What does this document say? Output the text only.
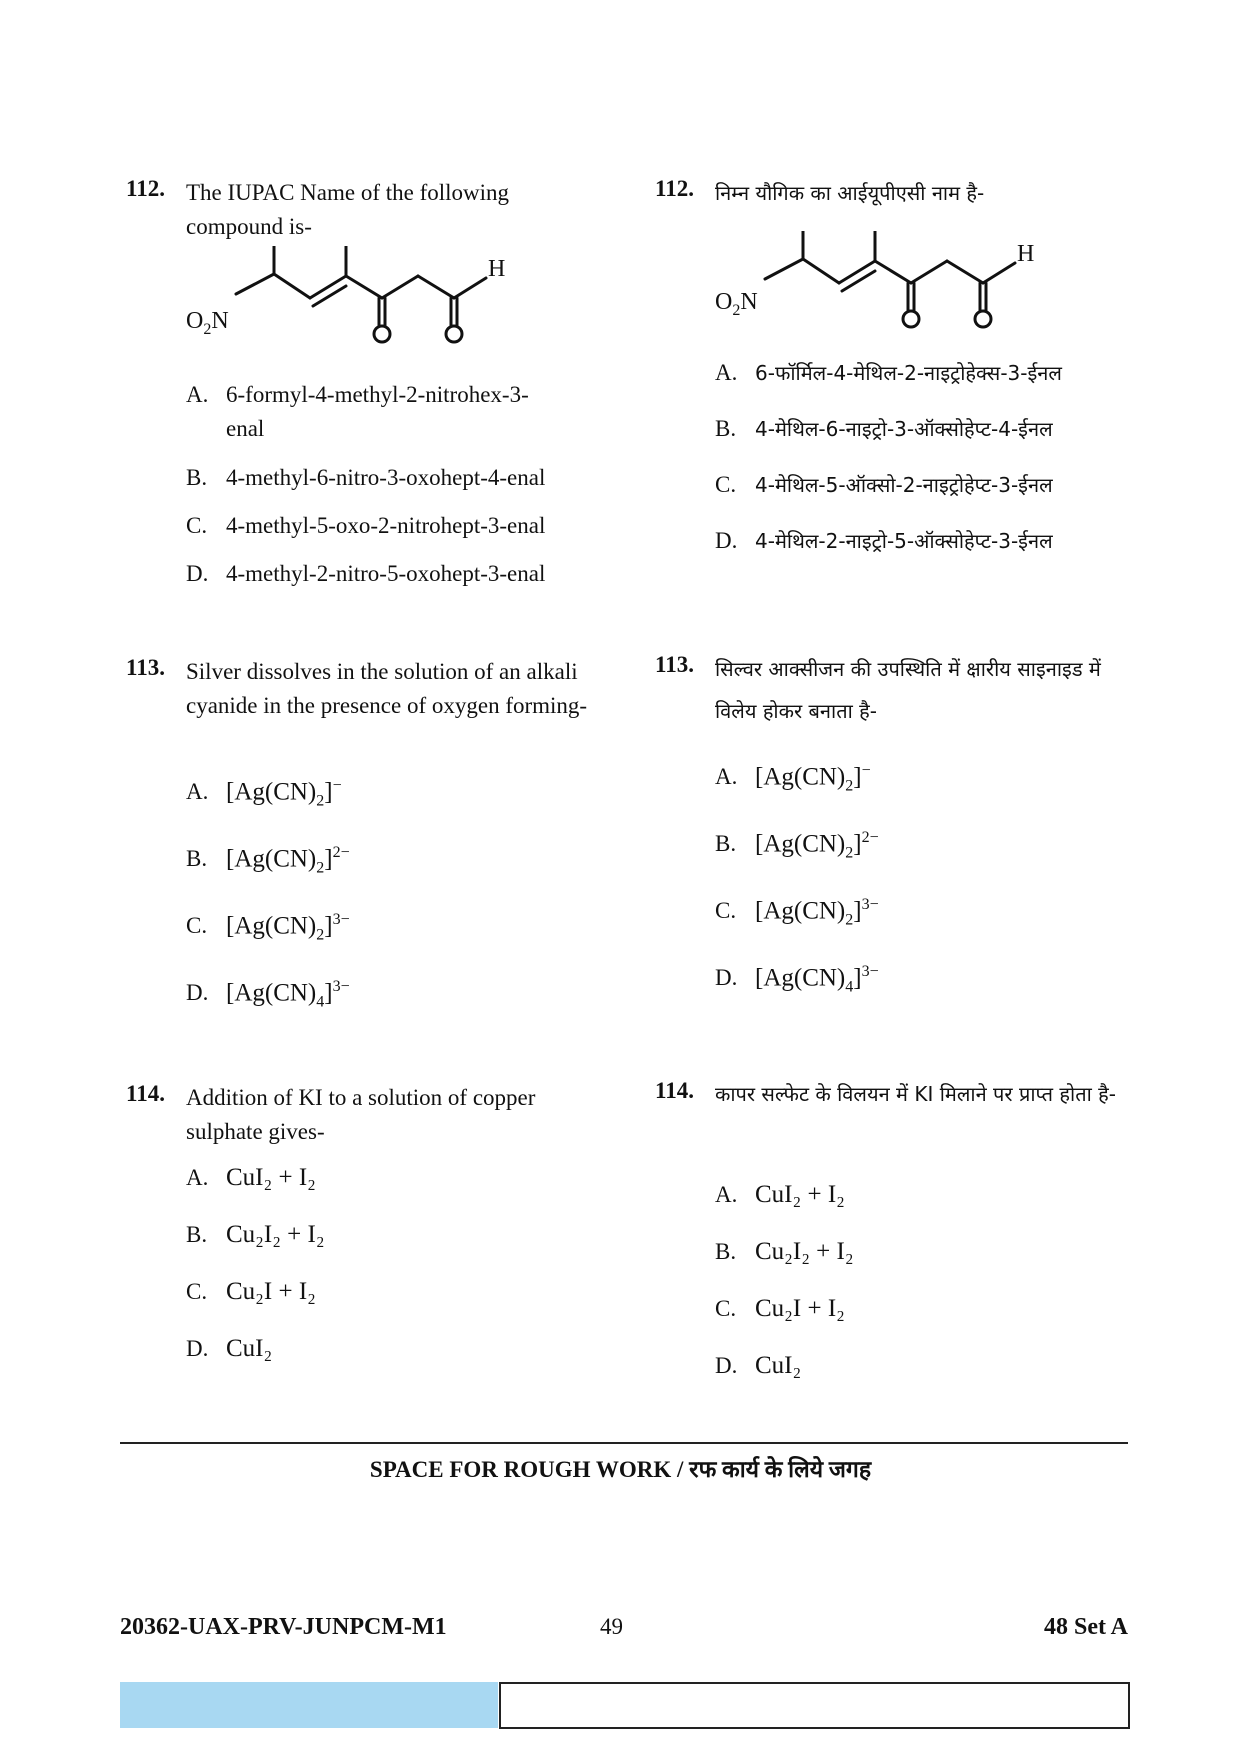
112. The IUPAC Name of the following compound is-
$O_2N$
H
A. 6-formyl-4-methyl-2-nitrohex-3-
enal
B. 4-methyl-6-nitro-3-oxohept-4-enal
C. 4-methyl-5-oxo-2-nitrohept-3-enal
D. 4-methyl-2-nitro-5-oxohept-3-enal
113. Silver dissolves in the solution of an alkali cyanide in the presence of oxygen forming-
A. $[Ag(CN)_2]^-$
B. $[Ag(CN)_2]^{2-}$
C. $[Ag(CN)_2]^{3-}$
D. $[Ag(CN)_4]^{3-}$
114. Addition of KI to a solution of copper sulphate gives-
A. CuI₂ + I₂
B. Cu₂I₂ + I₂
C. Cu₂I + I₂
D. CuI₂
112. निम्न यौगिक का आईयूपीएसी नाम है-
$O_2N$
H
A. 6-फॉर्मिल-4-मेथिल-2-नाइट्रोहेक्स-3-ईनल
B. 4-मेथिल-6-नाइट्रो-3-ऑक्सोहेप्ट-4-ईनल
C. 4-मेथिल-5-ऑक्सो-2-नाइट्रोहेप्ट-3-ईनल
D. 4-मेथिल-2-नाइट्रो-5-ऑक्सोहेप्ट-3-ईनल
113. सिल्वर आक्सीजन की उपस्थिति में क्षारीय साइनाइड में विलेय होकर बनाता है-
A. $[Ag(CN)_2]^-$
B. $[Ag(CN)_2]^{2-}$
C. $[Ag(CN)_2]^{3-}$
D. $[Ag(CN)_4]^{3-}$
114. कापर सल्फेट के विलयन में KI मिलाने पर प्राप्त होता है-
A. CuI₂ + I₂
B. Cu₂I₂ + I₂
C. Cu₂I + I₂
D. CuI₂
SPACE FOR ROUGH WORK / रफ कार्य के लिये जगह
20362-UAX-PRV-JUNPCM-M1	49	48 Set A
